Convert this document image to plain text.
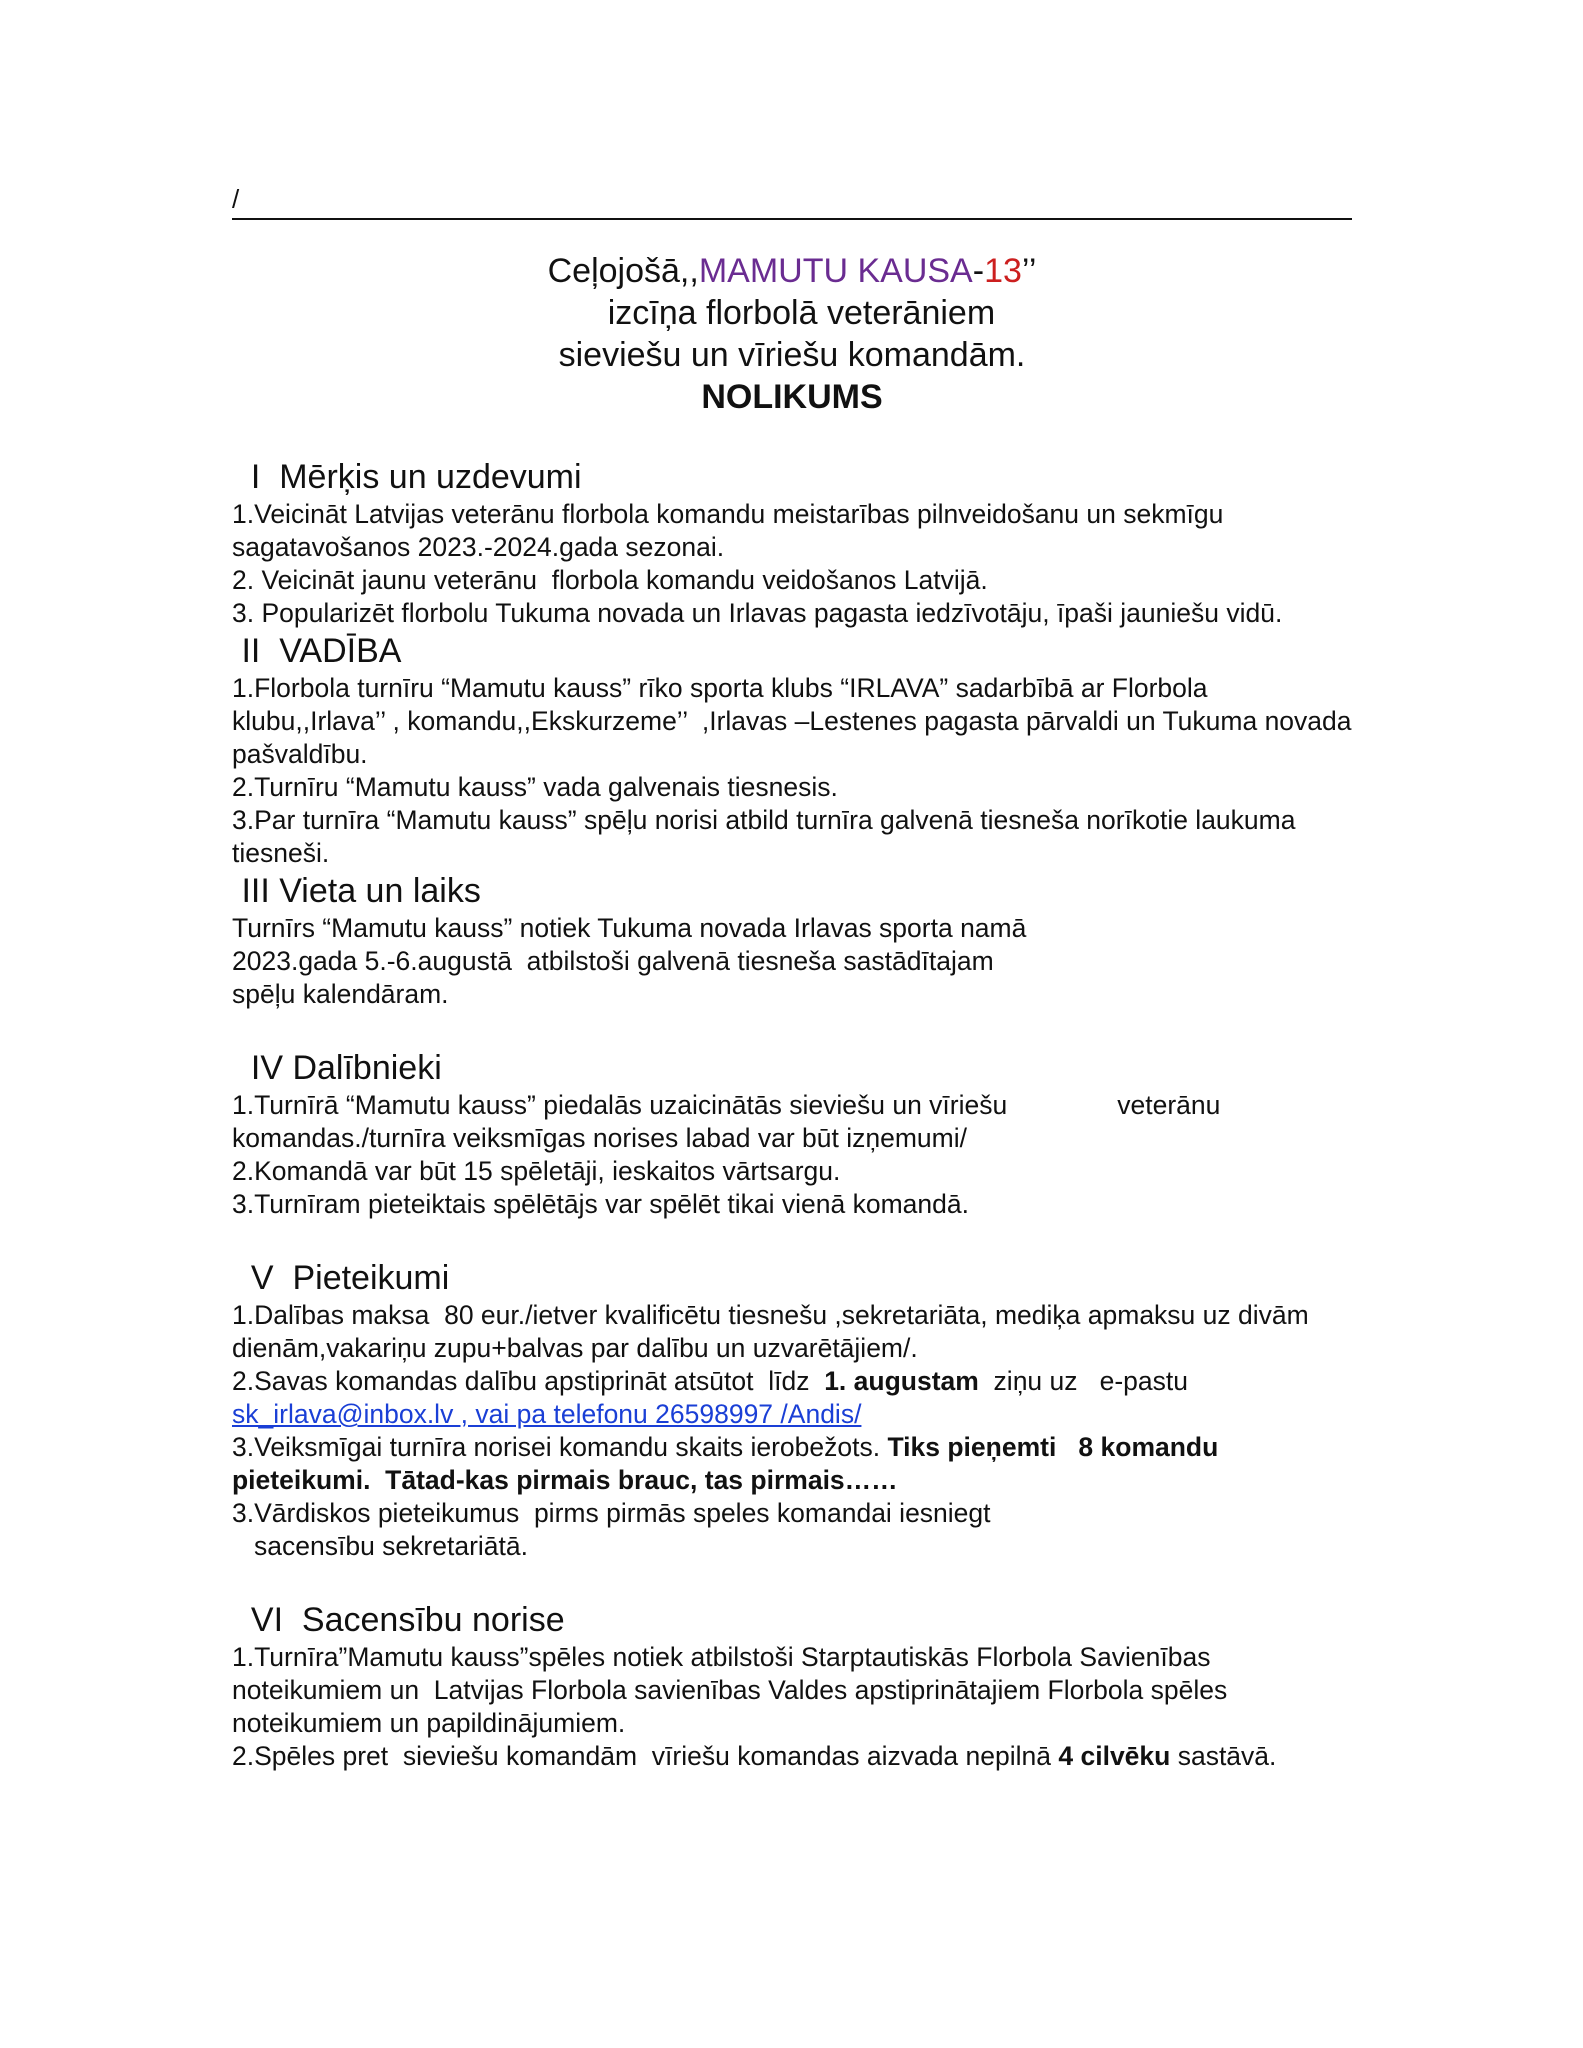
/
Ceļojošā,,MAMUTU KAUSA-13’’
izcīņa florbolā veterāniem
sieviešu un vīriešu komandām.
NOLIKUMS
I  Mērķis un uzdevumi
1.Veicināt Latvijas veterānu florbola komandu meistarības pilnveidošanu un sekmīgu sagatavošanos 2023.-2024.gada sezonai.
2. Veicināt jaunu veterānu  florbola komandu veidošanos Latvijā.
3. Popularizēt florbolu Tukuma novada un Irlavas pagasta iedzīvotāju, īpaši jauniešu vidū.
II  VADĪBA
1.Florbola turnīru “Mamutu kauss” rīko sporta klubs “IRLAVA” sadarbībā ar Florbola klubu,,Irlava’’ , komandu,,Ekskurzeme’’  ,Irlavas –Lestenes pagasta pārvaldi un Tukuma novada pašvaldību.
2.Turnīru “Mamutu kauss” vada galvenais tiesnesis.
3.Par turnīra “Mamutu kauss” spēļu norisi atbild turnīra galvenā tiesneša norīkotie laukuma   tiesneši.
III Vieta un laiks
Turnīrs “Mamutu kauss” notiek Tukuma novada Irlavas sporta namā
2023.gada 5.-6.augustā  atbilstoši galvenā tiesneša sastādītajam
spēļu kalendāram.
IV Dalībnieki
1.Turnīrā “Mamutu kauss” piedalās uzaicinātās sieviešu un vīriešu	veterānu
komandas./turnīra veiksmīgas norises labad var būt izņemumi/
2.Komandā var būt 15 spēletāji, ieskaitos vārtsargu.
3.Turnīram pieteiktais spēlētājs var spēlēt tikai vienā komandā.
V  Pieteikumi
1.Dalības maksa  80 eur./ietver kvalificētu tiesnešu ,sekretariāta, mediķa apmaksu uz divām dienām,vakariņu zupu+balvas par dalību un uzvarētājiem/.
2.Savas komandas dalību apstiprināt atsūtot  līdz  1. augustam  ziņu uz   e-pastu
sk_irlava@inbox.lv , vai pa telefonu 26598997 /Andis/
3.Veiksmīgai turnīra norisei komandu skaits ierobežots. Tiks pieņemti   8 komandu pieteikumi.  Tātad-kas pirmais brauc, tas pirmais……
3.Vārdiskos pieteikumus  pirms pirmās speles komandai iesniegt
sacensību sekretariātā.
VI  Sacensību norise
1.Turnīra”Mamutu kauss”spēles notiek atbilstoši Starptautiskās Florbola Savienības noteikumiem un  Latvijas Florbola savienības Valdes apstiprinātajiem Florbola spēles noteikumiem un papildinājumiem.
2.Spēles pret  sieviešu komandām  vīriešu komandas aizvada nepilnā 4 cilvēku sastāvā.
